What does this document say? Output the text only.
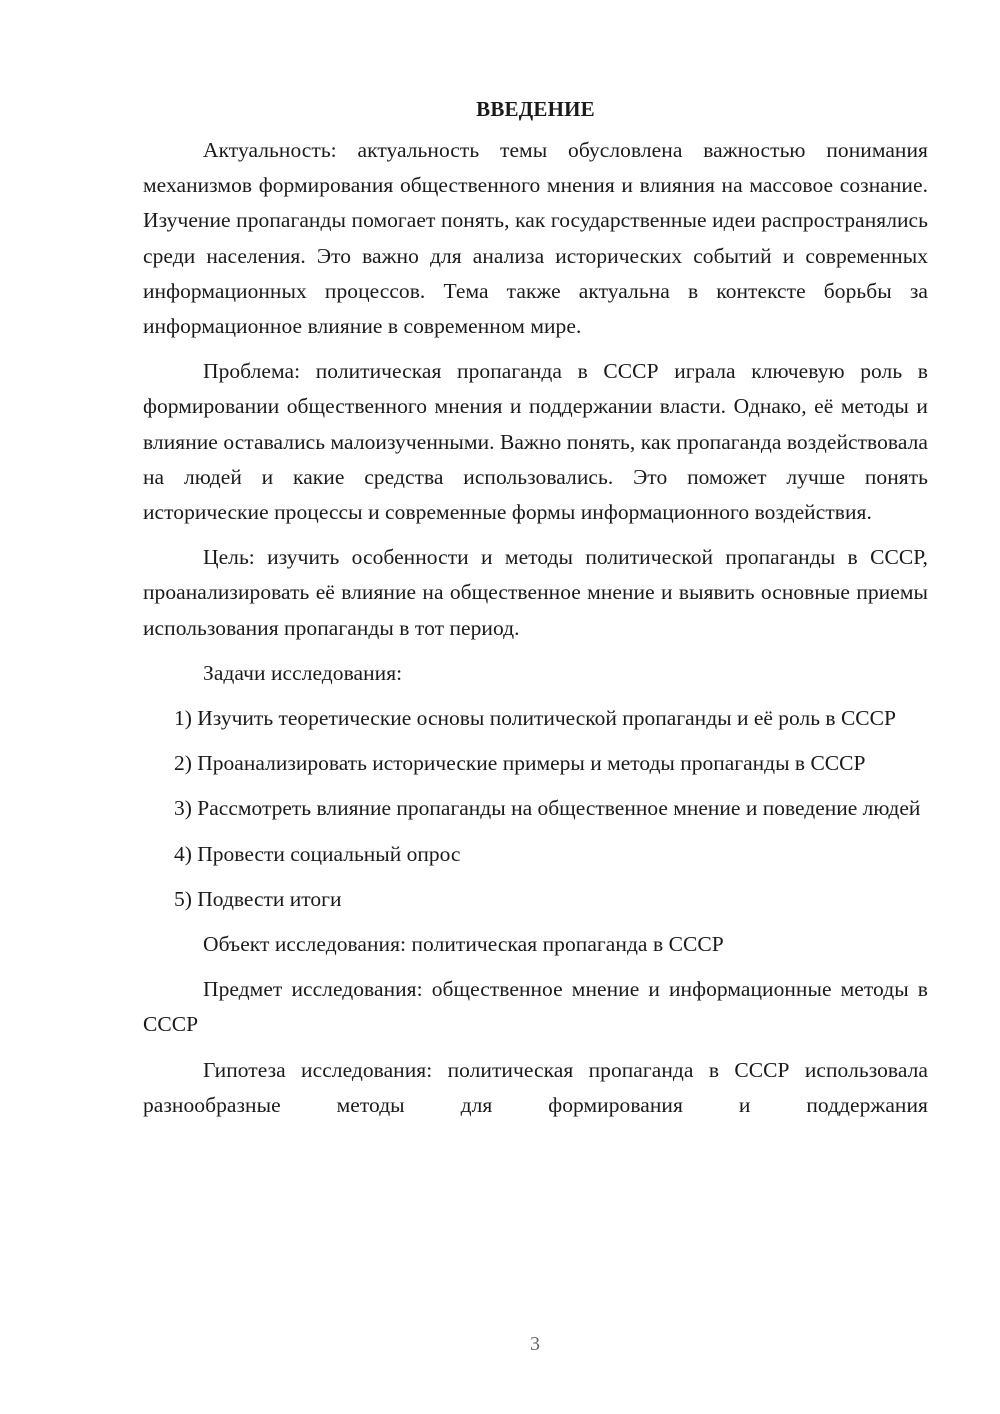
ВВЕДЕНИЕ

Актуальность: актуальность темы обусловлена важностью понимания механизмов формирования общественного мнения и влияния на массовое сознание. Изучение пропаганды помогает понять, как государственные идеи распространялись среди населения. Это важно для анализа исторических событий и современных информационных процессов. Тема также актуальна в контексте борьбы за информационное влияние в современном мире.

Проблема: политическая пропаганда в СССР играла ключевую роль в формировании общественного мнения и поддержании власти. Однако, её методы и влияние оставались малоизученными. Важно понять, как пропаганда воздействовала на людей и какие средства использовались. Это поможет лучше понять исторические процессы и современные формы информационного воздействия.

Цель: изучить особенности и методы политической пропаганды в СССР, проанализировать её влияние на общественное мнение и выявить основные приемы использования пропаганды в тот период.

Задачи исследования:

1) Изучить теоретические основы политической пропаганды и её роль в СССР

2) Проанализировать исторические примеры и методы пропаганды в СССР

3) Рассмотреть влияние пропаганды на общественное мнение и поведение людей

4) Провести социальный опрос

5) Подвести итоги

Объект исследования: политическая пропаганда в СССР

Предмет исследования: общественное мнение и информационные методы в СССР

Гипотеза исследования: политическая пропаганда в СССР использовала разнообразные методы для формирования и поддержания

3
